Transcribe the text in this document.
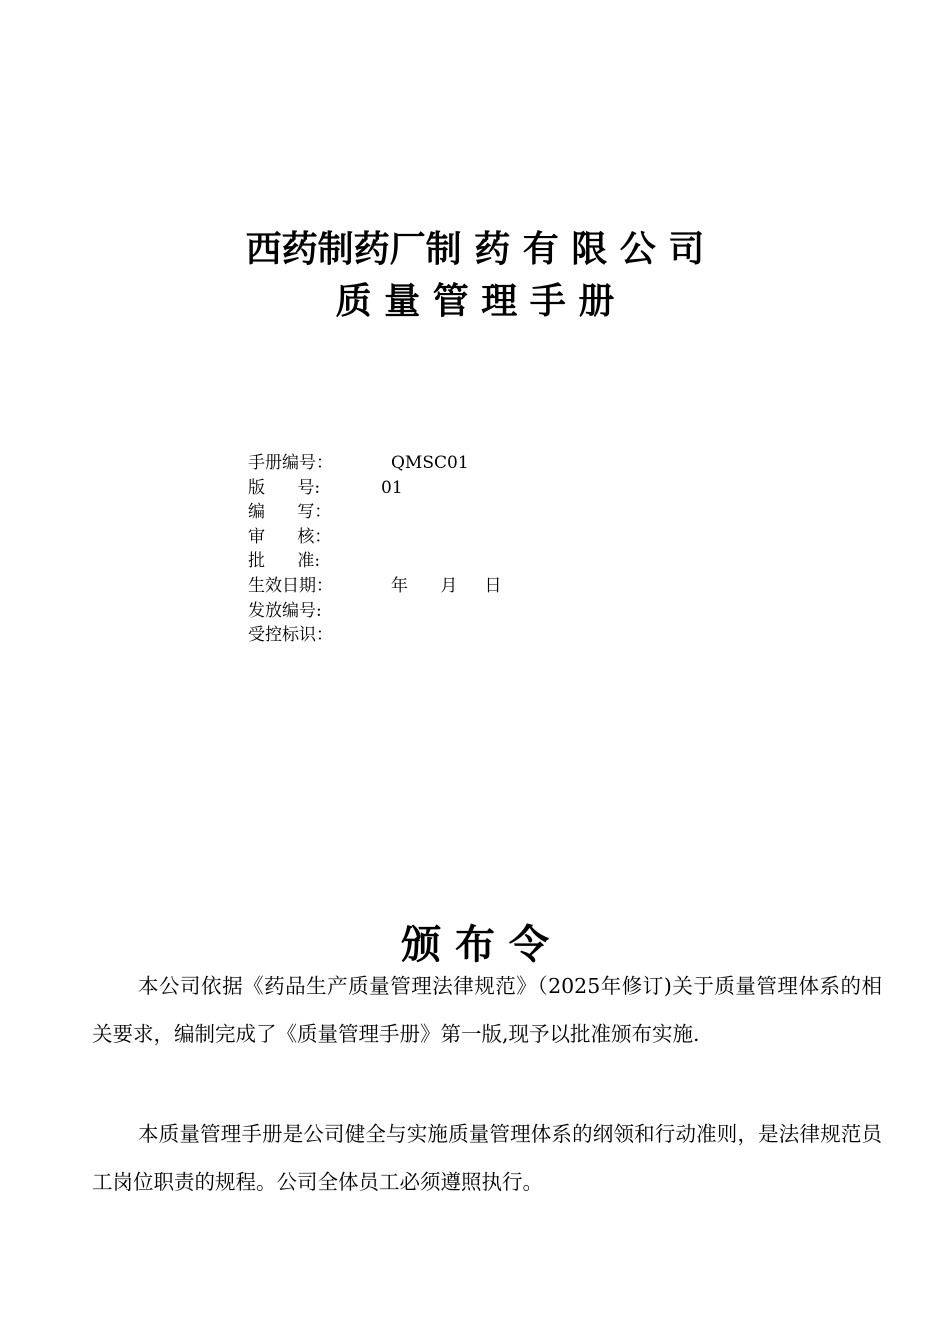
西药制药厂制 药 有 限 公 司
质 量 管 理 手 册

手册编号：

	QMSC01

版      号:

	01

编      写：

审      核：

批      准:

生效日期：

	年      月     日

发放编号:

受控标识：

颁 布 令

本公司依据《药品生产质量管理法律规范》（2025年修订)关于质量管理体系的相关要求，编制完成了《质量管理手册》第一版,现予以批准颁布实施.

本质量管理手册是公司健全与实施质量管理体系的纲领和行动准则，是法律规范员工岗位职责的规程。公司全体员工必须遵照执行。
